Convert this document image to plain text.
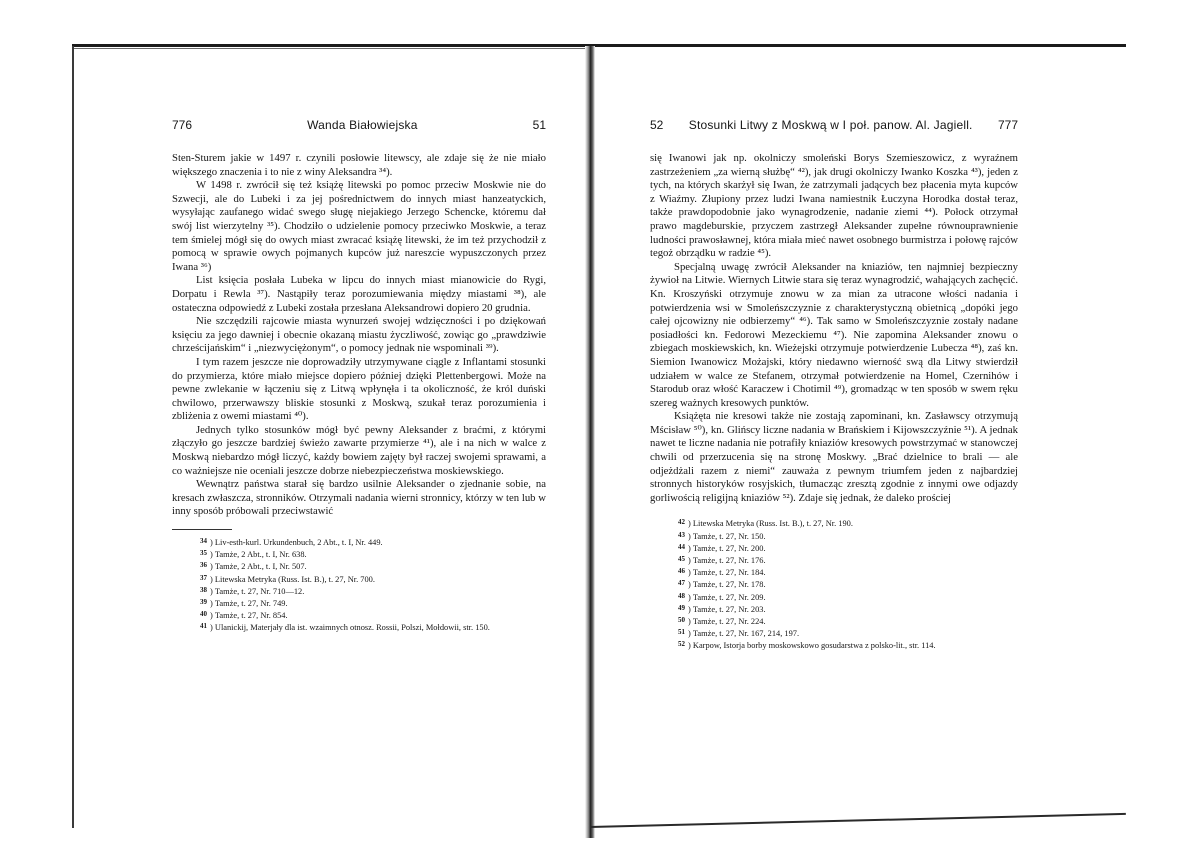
776	Wanda Białowiejska	51

Sten-Sturem jakie w 1497 r. czynili posłowie litewscy, ale zdaje się że nie miało większego znaczenia i to nie z winy Aleksandra ³⁴).

W 1498 r. zwrócił się też książę litewski po pomoc przeciw Moskwie nie do Szwecji, ale do Lubeki i za jej pośrednictwem do innych miast hanzeatyckich, wysyłając zaufanego widać swego sługę niejakiego Jerzego Schencke, któremu dał swój list wierzytelny ³⁵). Chodziło o udzielenie pomocy przeciwko Moskwie, a teraz tem śmielej mógł się do owych miast zwracać książę litewski, że im też przychodził z pomocą w sprawie owych pojmanych kupców już nareszcie wypuszczonych przez Iwana ³⁶)

List księcia posłała Lubeka w lipcu do innych miast mianowicie do Rygi, Dorpatu i Rewla ³⁷). Nastąpiły teraz porozumiewania między miastami ³⁸), ale ostateczna odpowiedź z Lubeki została przesłana Aleksandrowi dopiero 20 grudnia.

Nie szczędzili rajcowie miasta wynurzeń swojej wdzięczności i po dziękowań księciu za jego dawniej i obecnie okazaną miastu życzliwość, zowiąc go „prawdziwie chrześcijańskim“ i „niezwyciężonym“, o pomocy jednak nie wspominali ³⁹).

I tym razem jeszcze nie doprowadziły utrzymywane ciągle z Inflantami stosunki do przymierza, które miało miejsce dopiero później dzięki Plettenbergowi. Może na pewne zwlekanie w łączeniu się z Litwą wpłynęła i ta okoliczność, że król duński chwilowo, przerwawszy bliskie stosunki z Moskwą, szukał teraz porozumienia i zbliżenia z owemi miastami ⁴⁰).

Jednych tylko stosunków mógł być pewny Aleksander z braćmi, z którymi złączyło go jeszcze bardziej świeżo zawarte przymierze ⁴¹), ale i na nich w walce z Moskwą niebardzo mógł liczyć, każdy bowiem zajęty był raczej swojemi sprawami, a co ważniejsze nie oceniali jeszcze dobrze niebezpieczeństwa moskiewskiego.

Wewnątrz państwa starał się bardzo usilnie Aleksander o zjednanie sobie, na kresach zwłaszcza, stronników. Otrzymali nadania wierni stronnicy, którzy w ten lub w inny sposób próbowali przeciwstawić

$^{34}$ ) Liv-esth-kurl. Urkundenbuch, 2 Abt., t. I, Nr. 449.

$^{35}$ ) Tamże, 2 Abt., t. I, Nr. 638.

$^{36}$ ) Tamże, 2 Abt., t. I, Nr. 507.

$^{37}$ ) Litewska Metryka (Russ. Ist. B.), t. 27, Nr. 700.

$^{38}$ ) Tamże, t. 27, Nr. 710—12.

$^{39}$ ) Tamże, t. 27, Nr. 749.

$^{40}$ ) Tamże, t. 27, Nr. 854.

$^{41}$ ) Ulanickij, Materjały dla ist. wzaimnych otnosz. Rossii, Polszi, Mołdowii, str. 150.

52 Stosunki Litwy z Moskwą w I poł. panow. Al. Jagiell. 777

się Iwanowi jak np. okolniczy smoleński Borys Szemieszowicz, z wyraźnem zastrzeżeniem „za wierną służbę“ ⁴²), jak drugi okolniczy Iwanko Koszka ⁴³), jeden z tych, na których skarżył się Iwan, że zatrzymali jadących bez płacenia myta kupców z Wiaźmy. Złupiony przez ludzi Iwana namiestnik Łuczyna Horodka dostał teraz, także prawdopodobnie jako wynagrodzenie, nadanie ziemi ⁴⁴). Połock otrzymał prawo magdeburskie, przyczem zastrzegł Aleksander zupełne równouprawnienie ludności prawosławnej, która miała mieć nawet osobnego burmistrza i połowę rajców tegoż obrządku w radzie ⁴⁵).

Specjalną uwagę zwrócił Aleksander na kniaziów, ten najmniej bezpieczny żywioł na Litwie. Wiernych Litwie stara się teraz wynagrodzić, wahających zachęcić. Kn. Kroszyński otrzymuje znowu w za mian za utracone włości nadania i potwierdzenia wsi w Smoleńszczyznie z charakterystyczną obietnicą „dopóki jego całej ojcowizny nie odbierzemy“ ⁴⁶). Tak samo w Smoleńszczyznie zostały nadane posiadłości kn. Fedorowi Mezeckiemu ⁴⁷). Nie zapomina Aleksander znowu o zbiegach moskiewskich, kn. Wieżejski otrzymuje potwierdzenie Lubecza ⁴⁸), zaś kn. Siemion Iwanowicz Możajski, który niedawno wierność swą dla Litwy stwierdził udziałem w walce ze Stefanem, otrzymał potwierdzenie na Homel, Czernihów i Starodub oraz włość Karaczew i Chotimil ⁴⁹), gromadząc w ten sposób w swem ręku szereg ważnych kresowych punktów.

Książęta nie kresowi także nie zostają zapominani, kn. Zasławscy otrzymują Mścisław ⁵⁰), kn. Glińscy liczne nadania w Brańskiem i Kijowszczyźnie ⁵¹). A jednak nawet te liczne nadania nie potrafiły kniaziów kresowych powstrzymać w stanowczej chwili od przerzucenia się na stronę Moskwy. „Brać dzielnice to brali — ale odjeżdżali razem z niemi“ zauważa z pewnym triumfem jeden z najbardziej stronnych historyków rosyjskich, tłumacząc zresztą zgodnie z innymi owe odjazdy gorliwością religijną kniaziów ⁵²). Zdaje się jednak, że daleko prościej

$^{42}$ ) Litewska Metryka (Russ. Ist. B.), t. 27, Nr. 190.

$^{43}$ ) Tamże, t. 27, Nr. 150.

$^{44}$ ) Tamże, t. 27, Nr. 200.

$^{45}$ ) Tamże, t. 27, Nr. 176.

$^{46}$ ) Tamże, t. 27, Nr. 184.

$^{47}$ ) Tamże, t. 27, Nr. 178.

$^{48}$ ) Tamże, t. 27, Nr. 209.

$^{49}$ ) Tamże, t. 27, Nr. 203.

$^{50}$ ) Tamże, t. 27, Nr. 224.

$^{51}$ ) Tamże, t. 27, Nr. 167, 214, 197.

$^{52}$ ) Karpow, Istorja borby moskowskowo gosudarstwa z polsko-lit., str. 114.
